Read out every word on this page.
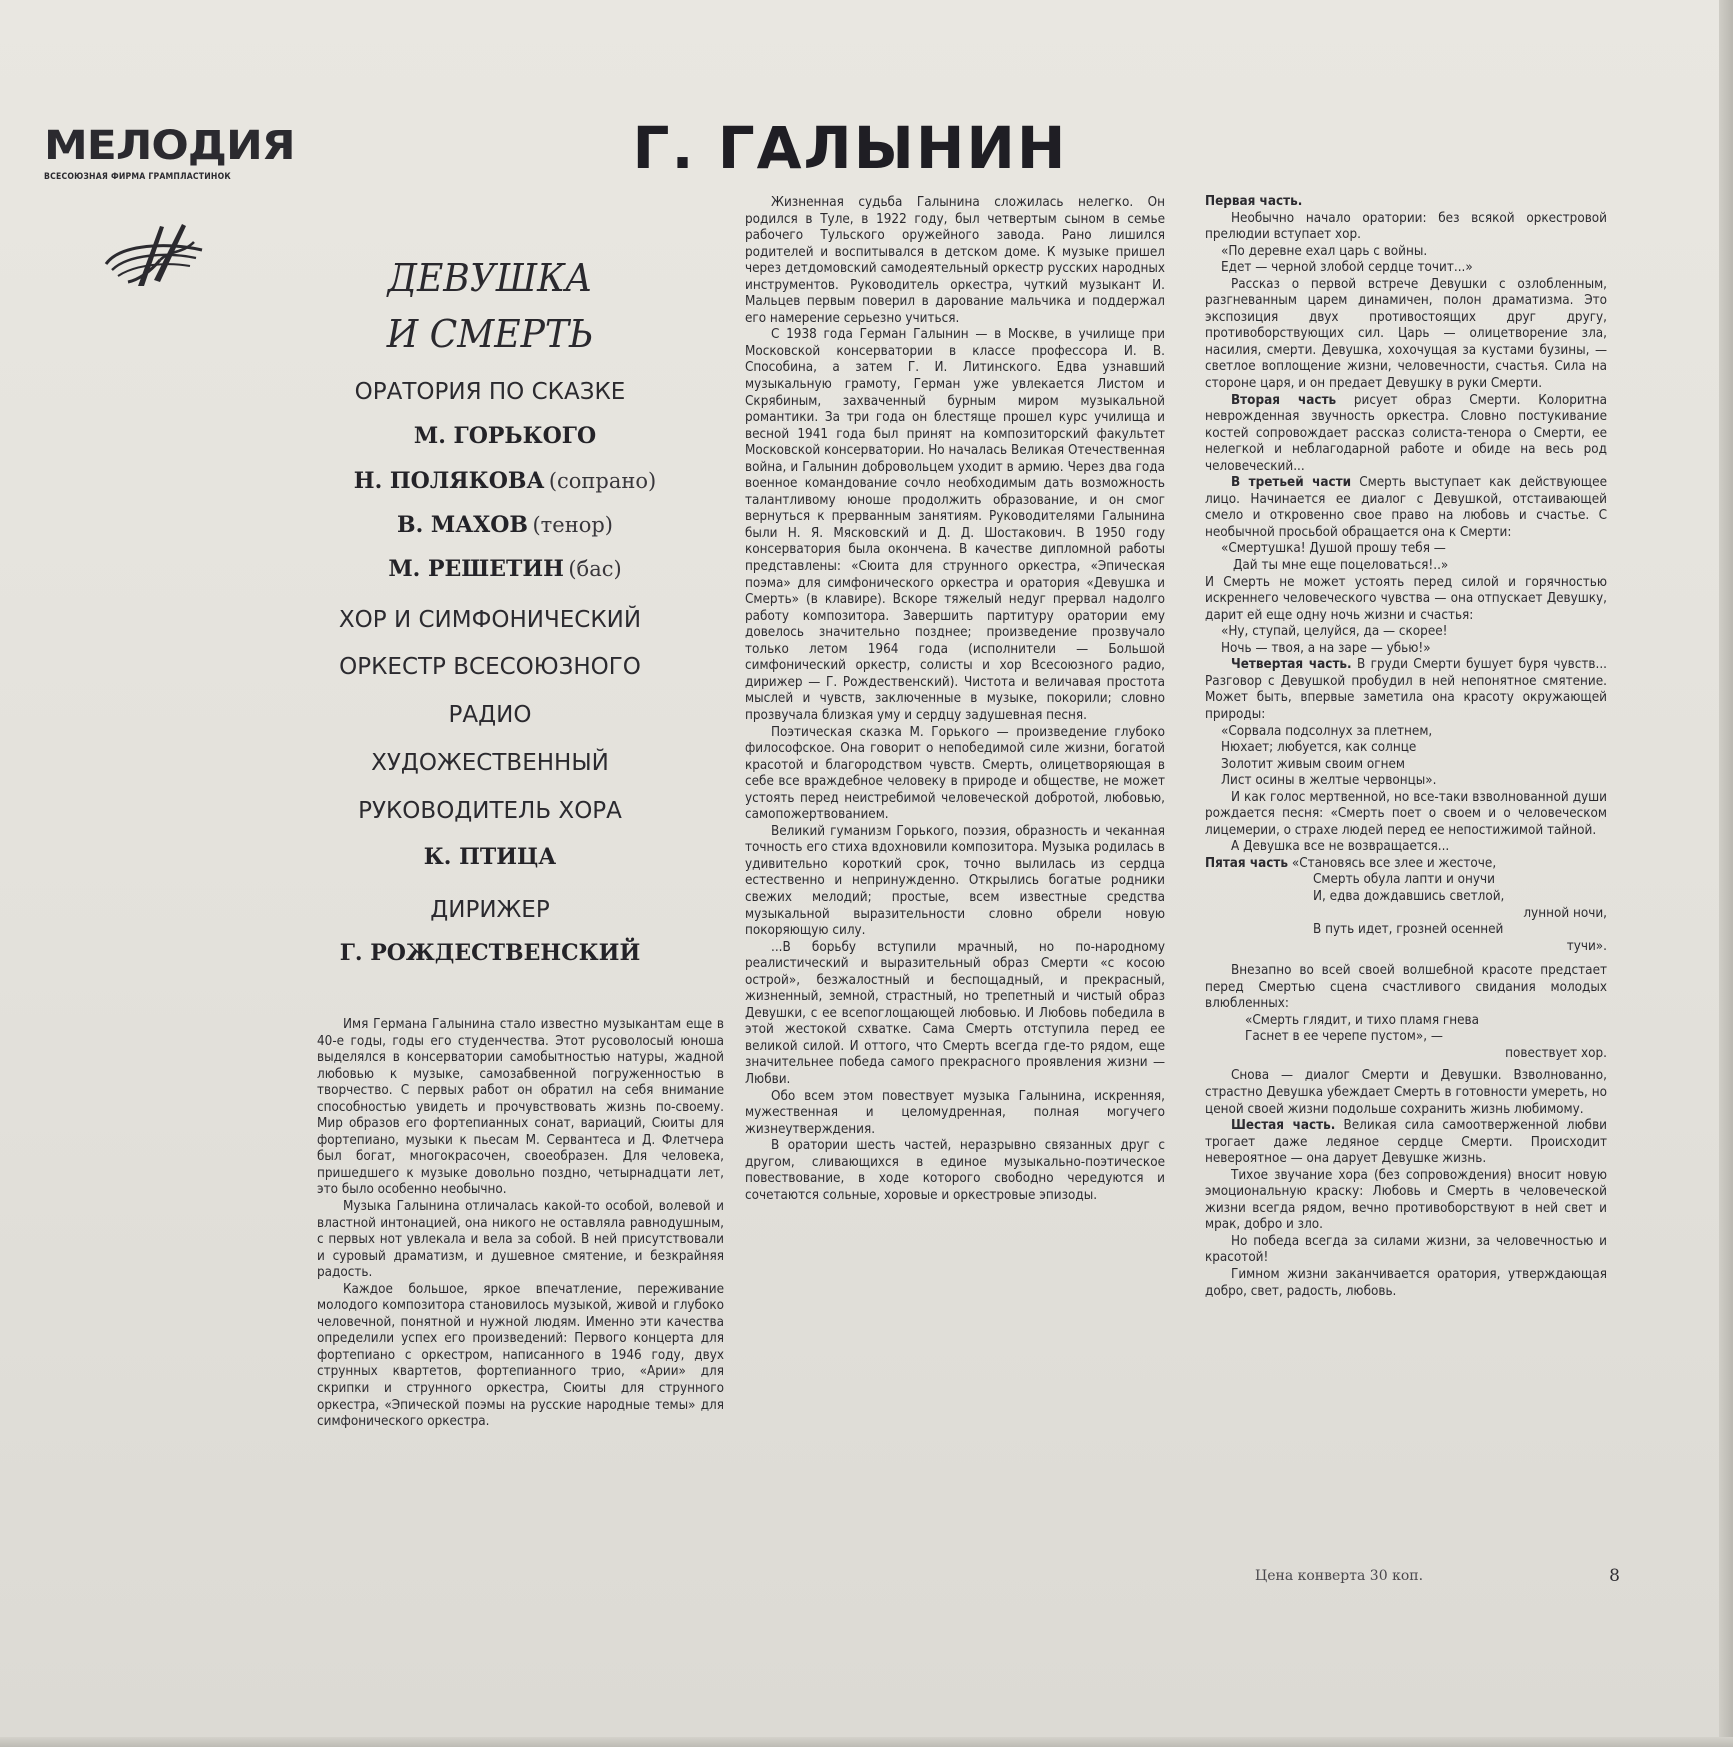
МЕЛОДИЯ
ВСЕСОЮЗНАЯ ФИРМА ГРАМПЛАСТИНОК	Г. ГАЛЫНИН
ДЕВУШКА
И СМЕРТЬ
ОРАТОРИЯ ПО СКАЗКЕ
М. ГОРЬКОГО
Н. ПОЛЯКОВА (сопрано)
В. МАХОВ (тенор)
М. РЕШЕТИН (бас)
ХОР И СИМФОНИЧЕСКИЙ
ОРКЕСТР ВСЕСОЮЗНОГО
РАДИО
ХУДОЖЕСТВЕННЫЙ
РУКОВОДИТЕЛЬ ХОРА
К. ПТИЦА
ДИРИЖЕР
Г. РОЖДЕСТВЕНСКИЙ

Имя Германа Галынина стало известно музыкантам еще в 40-е годы, годы его студенчества. Этот русоволосый юноша выделялся в консерватории самобытностью натуры, жадной любовью к музыке, самозабвенной погруженностью в творчество. С первых работ он обратил на себя внимание способностью увидеть и прочувствовать жизнь по-своему. Мир образов его фортепианных сонат, вариаций, Сюиты для фортепиано, музыки к пьесам М. Сервантеса и Д. Флетчера был богат, многокрасочен, своеобразен. Для человека, пришедшего к музыке довольно поздно, четырнадцати лет, это было особенно необычно.

Музыка Галынина отличалась какой-то особой, волевой и властной интонацией, она никого не оставляла равнодушным, с первых нот увлекала и вела за собой. В ней присутствовали и суровый драматизм, и душевное смятение, и безкрайняя радость.

Каждое большое, яркое впечатление, переживание молодого композитора становилось музыкой, живой и глубоко человечной, понятной и нужной людям. Именно эти качества определили успех его произведений: Первого концерта для фортепиано с оркестром, написанного в 1946 году, двух струнных квартетов, фортепианного трио, «Арии» для скрипки и струнного оркестра, Сюиты для струнного оркестра, «Эпической поэмы на русские народные темы» для симфонического оркестра.

Жизненная судьба Галынина сложилась нелегко. Он родился в Туле, в 1922 году, был четвертым сыном в семье рабочего Тульского оружейного завода. Рано лишился родителей и воспитывался в детском доме. К музыке пришел через детдомовский самодеятельный оркестр русских народных инструментов. Руководитель оркестра, чуткий музыкант И. Мальцев первым поверил в дарование мальчика и поддержал его намерение серьезно учиться.

С 1938 года Герман Галынин — в Москве, в училище при Московской консерватории в классе профессора И. В. Способина, а затем Г. И. Литинского. Едва узнавший музыкальную грамоту, Герман уже увлекается Листом и Скрябиным, захваченный бурным миром музыкальной романтики. За три года он блестяще прошел курс училища и весной 1941 года был принят на композиторский факультет Московской консерватории. Но началась Великая Отечественная война, и Галынин добровольцем уходит в армию. Через два года военное командование сочло необходимым дать возможность талантливому юноше продолжить образование, и он смог вернуться к прерванным занятиям. Руководителями Галынина были Н. Я. Мясковский и Д. Д. Шостакович. В 1950 году консерватория была окончена. В качестве дипломной работы представлены: «Сюита для струнного оркестра, «Эпическая поэма» для симфонического оркестра и оратория «Девушка и Смерть» (в клавире). Вскоре тяжелый недуг прервал надолго работу композитора. Завершить партитуру оратории ему довелось значительно позднее; произведение прозвучало только летом 1964 года (исполнители — Большой симфонический оркестр, солисты и хор Всесоюзного радио, дирижер — Г. Рождественский). Чистота и величавая простота мыслей и чувств, заключенные в музыке, покорили; словно прозвучала близкая уму и сердцу задушевная песня.

Поэтическая сказка М. Горького — произведение глубоко философское. Она говорит о непобедимой силе жизни, богатой красотой и благородством чувств. Смерть, олицетворяющая в себе все враждебное человеку в природе и обществе, не может устоять перед неистребимой человеческой добротой, любовью, самопожертвованием.

Великий гуманизм Горького, поэзия, образность и чеканная точность его стиха вдохновили композитора. Музыка родилась в удивительно короткий срок, точно вылилась из сердца естественно и непринужденно. Открылись богатые родники свежих мелодий; простые, всем известные средства музыкальной выразительности словно обрели новую покоряющую силу.

...В борьбу вступили мрачный, но по-народному реалистический и выразительный образ Смерти «с косою острой», безжалостный и беспощадный, и прекрасный, жизненный, земной, страстный, но трепетный и чистый образ Девушки, с ее всепоглощающей любовью. И Любовь победила в этой жестокой схватке. Сама Смерть отступила перед ее великой силой. И оттого, что Смерть всегда где-то рядом, еще значительнее победа самого прекрасного проявления жизни — Любви.

Обо всем этом повествует музыка Галынина, искренняя, мужественная и целомудренная, полная могучего жизнеутверждения.

В оратории шесть частей, неразрывно связанных друг с другом, сливающихся в единое музыкально-поэтическое повествование, в ходе которого свободно чередуются и сочетаются сольные, хоровые и оркестровые эпизоды.

Первая часть.

Необычно начало оратории: без всякой оркестровой прелюдии вступает хор.

«По деревне ехал царь с войны.

Едет — черной злобой сердце точит...»

Рассказ о первой встрече Девушки с озлобленным, разгневанным царем динамичен, полон драматизма. Это экспозиция двух противостоящих друг другу, противоборствующих сил. Царь — олицетворение зла, насилия, смерти. Девушка, хохочущая за кустами бузины, — светлое воплощение жизни, человечности, счастья. Сила на стороне царя, и он предает Девушку в руки Смерти.

Вторая часть рисует образ Смерти. Колоритна неврожденная звучность оркестра. Словно постукивание костей сопровождает рассказ солиста-тенора о Смерти, ее нелегкой и неблагодарной работе и обиде на весь род человеческий...

В третьей части Смерть выступает как действующее лицо. Начинается ее диалог с Девушкой, отстаивающей смело и откровенно свое право на любовь и счастье. С необычной просьбой обращается она к Смерти:

«Смертушка! Душой прошу тебя —

Дай ты мне еще поцеловаться!..»

И Смерть не может устоять перед силой и горячностью искреннего человеческого чувства — она отпускает Девушку, дарит ей еще одну ночь жизни и счастья:

«Ну, ступай, целуйся, да — скорее!

Ночь — твоя, а на заре — убью!»

Четвертая часть. В груди Смерти бушует буря чувств... Разговор с Девушкой пробудил в ней непонятное смятение. Может быть, впервые заметила она красоту окружающей природы:

«Сорвала подсолнух за плетнем,

Нюхает; любуется, как солнце

Золотит живым своим огнем

Лист осины в желтые червонцы».

И как голос мертвенной, но все-таки взволнованной души рождается песня: «Смерть поет о своем и о человеческом лицемерии, о страхе людей перед ее непостижимой тайной.

А Девушка все не возвращается...

Пятая часть «Становясь все злее и жесточе,

Смерть обула лапти и онучи

И, едва дождавшись светлой,

лунной ночи,

В путь идет, грозней осенней

тучи».

Внезапно во всей своей волшебной красоте предстает перед Смертью сцена счастливого свидания молодых влюбленных:

«Смерть глядит, и тихо пламя гнева

Гаснет в ее черепе пустом», —

повествует хор.

Снова — диалог Смерти и Девушки. Взволнованно, страстно Девушка убеждает Смерть в готовности умереть, но ценой своей жизни подольше сохранить жизнь любимому.

Шестая часть. Великая сила самоотверженной любви трогает даже ледяное сердце Смерти. Происходит невероятное — она дарует Девушке жизнь.

Тихое звучание хора (без сопровождения) вносит новую эмоциональную краску: Любовь и Смерть в человеческой жизни всегда рядом, вечно противоборствуют в ней свет и мрак, добро и зло.

Но победа всегда за силами жизни, за человечностью и красотой!

Гимном жизни заканчивается оратория, утверждающая добро, свет, радость, любовь.

Цена конверта 30 коп.	8
